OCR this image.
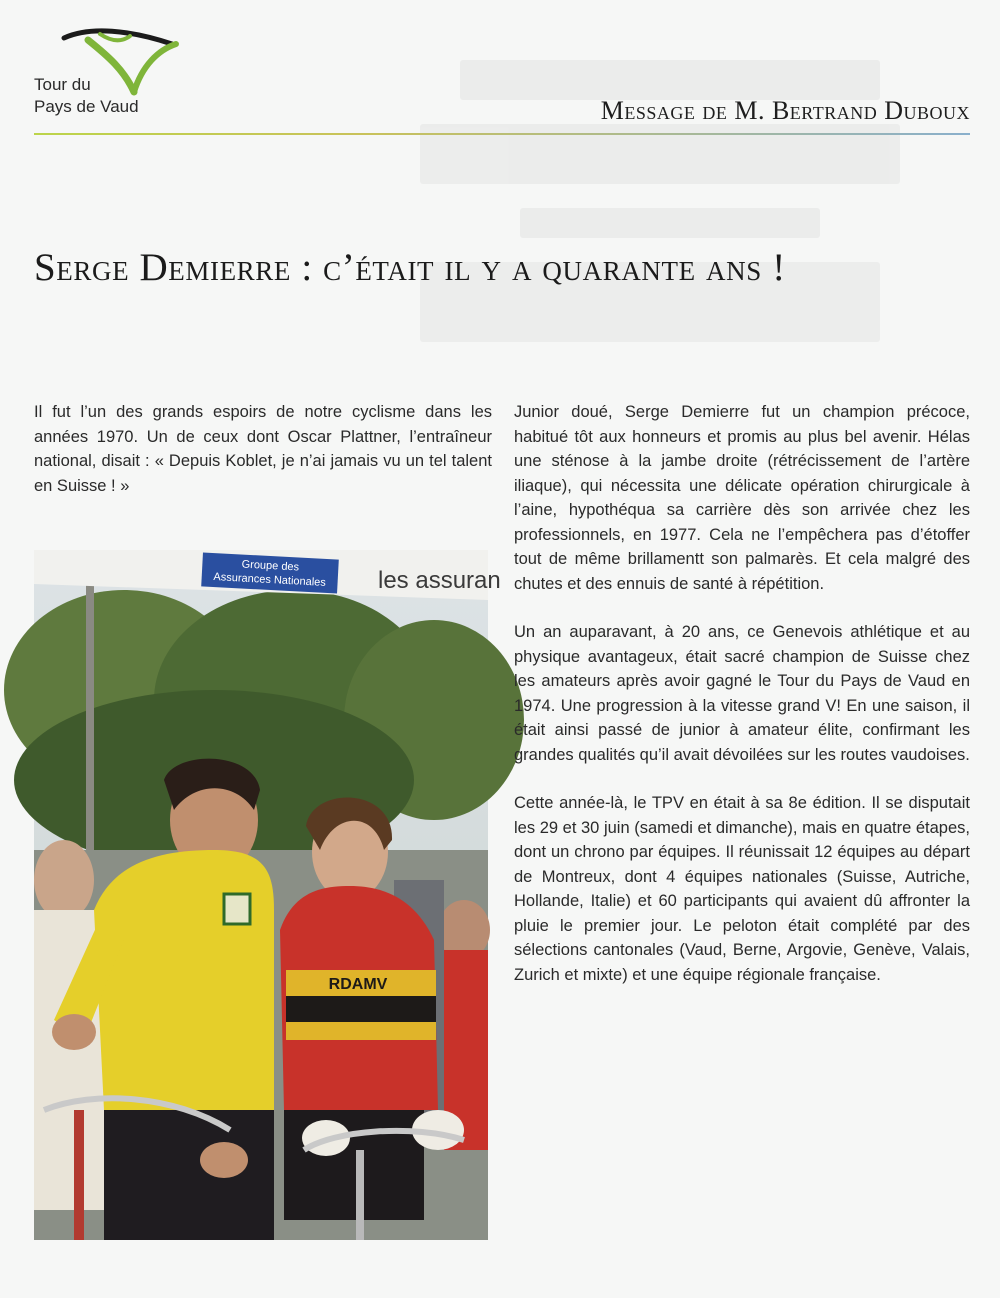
Tour du
Pays de Vaud	Message de M. Bertrand Duboux
Serge Demierre : c’était il y a quarante ans !

Il fut l’un des grands espoirs de notre cyclisme dans les années 1970. Un de ceux dont Oscar Plattner, l’entraîneur national, disait : « Depuis Koblet, je n’ai jamais vu un tel talent en Suisse ! »

Groupe des
Assurances Nationales les assuran
RDAMV

Junior doué, Serge Demierre fut un champion précoce, habitué tôt aux honneurs et promis au plus bel avenir. Hélas une sténose à la jambe droite (rétrécissement de l’artère iliaque), qui nécessita une délicate opération chirurgicale à l’aine, hypothéqua sa carrière dès son arrivée chez les professionnels, en 1977. Cela ne l’empêchera pas d’étoffer tout de même brillamentt son palmarès. Et cela malgré des chutes et des ennuis de santé à répétition.

Un an auparavant, à 20 ans, ce Genevois athlétique et au physique avantageux, était sacré champion de Suisse chez les amateurs après avoir gagné le Tour du Pays de Vaud en 1974. Une progression à la vitesse grand V! En une saison, il était ainsi passé de junior à amateur élite, confirmant les grandes qualités qu’il avait dévoilées sur les routes vaudoises.

Cette année-là, le TPV en était à sa 8e édition. Il se disputait les 29 et 30 juin (samedi et dimanche), mais en quatre étapes, dont un chrono par équipes. Il réunissait 12 équipes au départ de Montreux, dont 4 équipes nationales (Suisse, Autriche, Hollande, Italie) et 60 participants qui avaient dû affronter la pluie le premier jour. Le peloton était complété par des sélections cantonales (Vaud, Berne, Argovie, Genève, Valais, Zurich et mixte) et une équipe régionale française.
